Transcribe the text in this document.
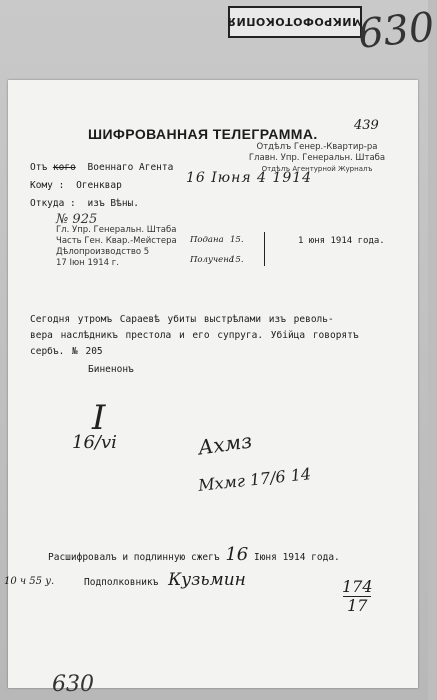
МИКРОФОТОКОПИЯ
630
ШИФРОВАННАЯ ТЕЛЕГРАММА.
439
Отъ кого Военнаго Агента
Кому : Огенквар
Откуда : изъ Вѣны.
Отдѣлъ Генер.-Квартир-ра
Главн. Упр. Генеральн. Штаба
Отдѣлъ Агентурной Журналъ
16 Іюня 4 1914
№ 925
Гл. Упр. Генеральн. Штаба
Часть Ген. Квар.-Мейстера
Дѣлопроизводство 5
17 Іюн 1914 г.
Подана 15.
Получена
15.
1 юня 1914 года.
Сегодня утромъ Сараевѣ убиты выстрѣлами изъ револь-
вера наслѣдникъ престола и его супруга. Убійца говорятъ
сербъ. № 205
Биненонъ
I
16/vi	Ахмз
Мхмг 17/6 14
Расшифровалъ и подлинную сжегъ 16 Іюня 1914 года.
Подполковникъ Кузьмин
10 ч 55 у.	174
17
630
